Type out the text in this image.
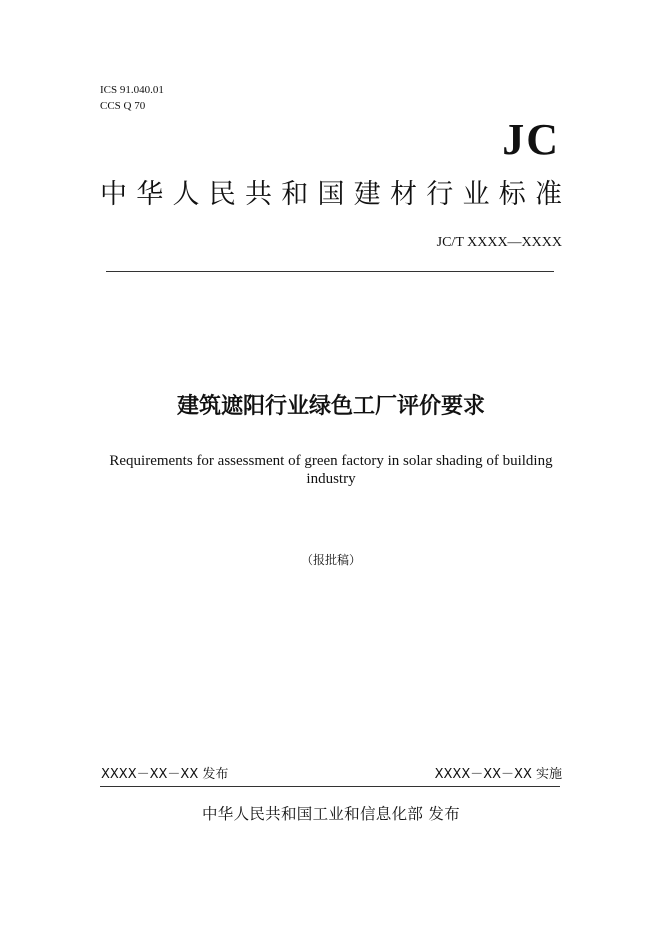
ICS 91.040.01
CCS Q 70
JC
中华人民共和国建材行业标准
JC/T XXXX—XXXX
建筑遮阳行业绿色工厂评价要求
Requirements for assessment of green factory in solar shading of building industry
（报批稿）
XXXX－XX－XX 发布	XXXX－XX－XX 实施
中华人民共和国工业和信息化部 发布
